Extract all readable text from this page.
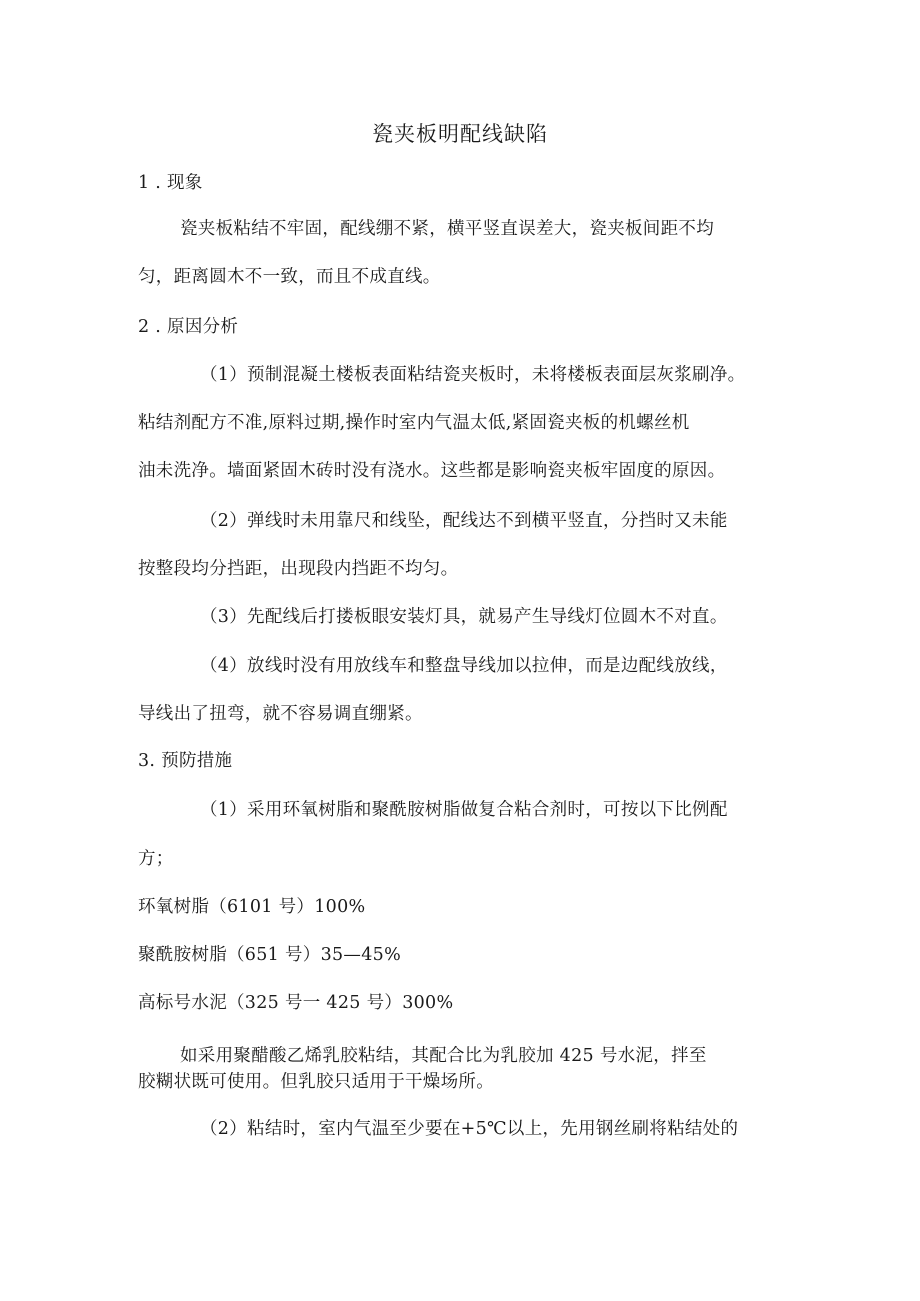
瓷夹板明配线缺陷
1 . 现象
瓷夹板粘结不牢固，配线绷不紧，横平竖直误差大，瓷夹板间距不均
匀，距离圆木不一致，而且不成直线。
2 . 原因分析
（1）预制混凝土楼板表面粘结瓷夹板时，未将楼板表面层灰浆刷净。
粘结剂配方不准,原料过期,操作时室内气温太低,紧固瓷夹板的机螺丝机
油未洗净。墙面紧固木砖时没有浇水。这些都是影响瓷夹板牢固度的原因。
（2）弹线时未用靠尺和线坠，配线达不到横平竖直，分挡时又未能
按整段均分挡距，出现段内挡距不均匀。
（3）先配线后打搂板眼安装灯具，就易产生导线灯位圆木不对直。
（4）放线时没有用放线车和整盘导线加以拉伸，而是边配线放线，
导线出了扭弯，就不容易调直绷紧。
3. 预防措施
（1）采用环氧树脂和聚酰胺树脂做复合粘合剂时，可按以下比例配
方；
环氧树脂（6101 号）100%
聚酰胺树脂（651 号）35—45%
高标号水泥（325 号一 425 号）300%
如采用聚醋酸乙烯乳胶粘结，其配合比为乳胶加 425 号水泥，拌至
胶糊状既可使用。但乳胶只适用于干燥场所。
（2）粘结时，室内气温至少要在+5℃以上，先用钢丝刷将粘结处的
